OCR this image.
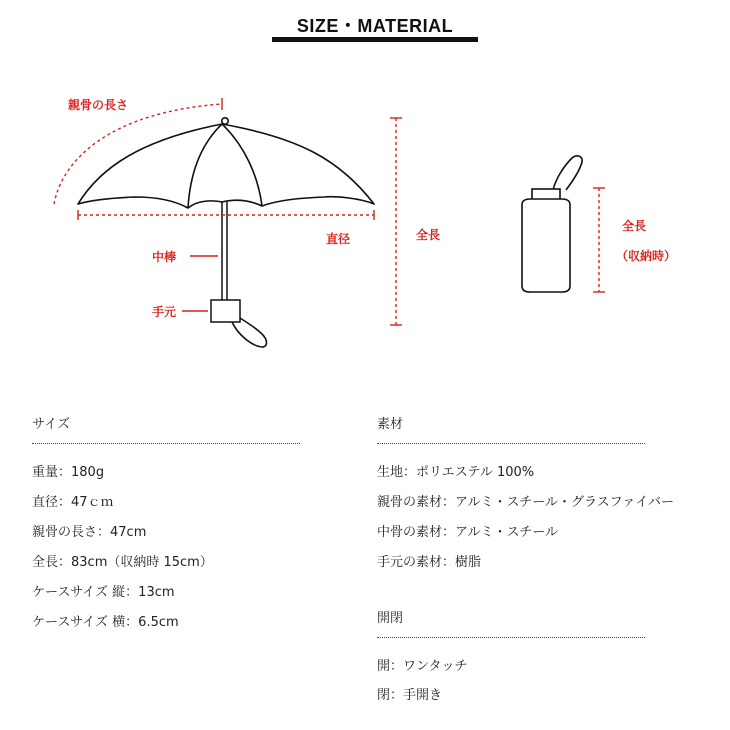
SIZE・MATERIAL
親骨の長さ
直径
中棒
手元
全長
全長
（収納時）
サイズ
重量：180g
直径：47ｃｍ
親骨の長さ：47cm
全長：83cm（収納時 15cm）
ケースサイズ 縦：13cm
ケースサイズ 横：6.5cm
素材
生地：ポリエステル 100%
親骨の素材：アルミ・スチール・グラスファイバー
中骨の素材：アルミ・スチール
手元の素材：樹脂
開閉
開：ワンタッチ
閉：手開き
